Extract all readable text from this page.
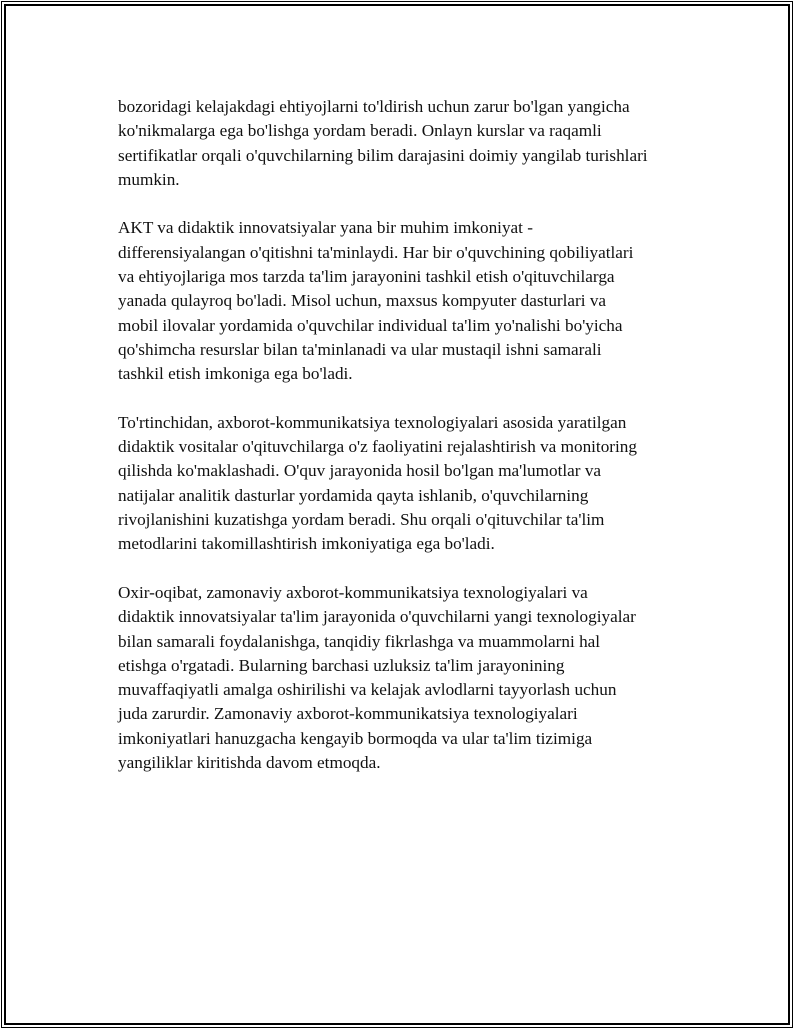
bozoridagi kelajakdagi ehtiyojlarni to'ldirish uchun zarur bo'lgan yangicha
ko'nikmalarga ega bo'lishga yordam beradi. Onlayn kurslar va raqamli
sertifikatlar orqali o'quvchilarning bilim darajasini doimiy yangilab turishlari
mumkin.

AKT va didaktik innovatsiyalar yana bir muhim imkoniyat -
differensiyalangan o'qitishni ta'minlaydi. Har bir o'quvchining qobiliyatlari
va ehtiyojlariga mos tarzda ta'lim jarayonini tashkil etish o'qituvchilarga
yanada qulayroq bo'ladi. Misol uchun, maxsus kompyuter dasturlari va
mobil ilovalar yordamida o'quvchilar individual ta'lim yo'nalishi bo'yicha
qo'shimcha resurslar bilan ta'minlanadi va ular mustaqil ishni samarali
tashkil etish imkoniga ega bo'ladi.

To'rtinchidan, axborot-kommunikatsiya texnologiyalari asosida yaratilgan
didaktik vositalar o'qituvchilarga o'z faoliyatini rejalashtirish va monitoring
qilishda ko'maklashadi. O'quv jarayonida hosil bo'lgan ma'lumotlar va
natijalar analitik dasturlar yordamida qayta ishlanib, o'quvchilarning
rivojlanishini kuzatishga yordam beradi. Shu orqali o'qituvchilar ta'lim
metodlarini takomillashtirish imkoniyatiga ega bo'ladi.

Oxir-oqibat, zamonaviy axborot-kommunikatsiya texnologiyalari va
didaktik innovatsiyalar ta'lim jarayonida o'quvchilarni yangi texnologiyalar
bilan samarali foydalanishga, tanqidiy fikrlashga va muammolarni hal
etishga o'rgatadi. Bularning barchasi uzluksiz ta'lim jarayonining
muvaffaqiyatli amalga oshirilishi va kelajak avlodlarni tayyorlash uchun
juda zarurdir. Zamonaviy axborot-kommunikatsiya texnologiyalari
imkoniyatlari hanuzgacha kengayib bormoqda va ular ta'lim tizimiga
yangiliklar kiritishda davom etmoqda.
